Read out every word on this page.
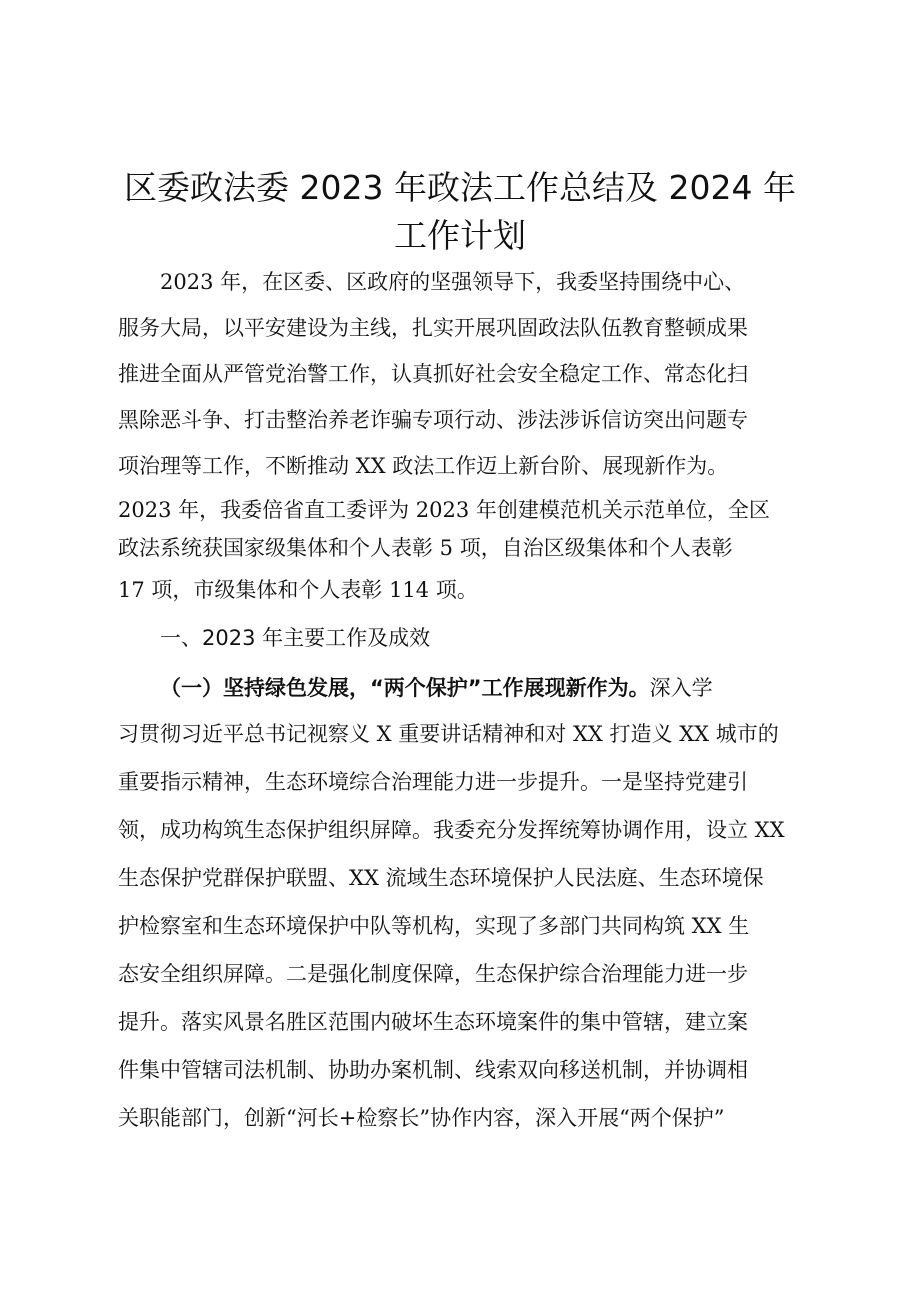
区委政法委 2023 年政法工作总结及 2024 年
工作计划
2023 年，在区委、区政府的坚强领导下，我委坚持围绕中心、
服务大局，以平安建设为主线，扎实开展巩固政法队伍教育整顿成果
推进全面从严管党治警工作，认真抓好社会安全稳定工作、常态化扫
黑除恶斗争、打击整治养老诈骗专项行动、涉法涉诉信访突出问题专
项治理等工作，不断推动 XX 政法工作迈上新台阶、展现新作为。
2023 年，我委倍省直工委评为 2023 年创建模范机关示范单位，全区
政法系统获国家级集体和个人表彰 5 项，自治区级集体和个人表彰
17 项，市级集体和个人表彰 114 项。
一、2023 年主要工作及成效
（一）坚持绿色发展，“两个保护”工作展现新作为。深入学
习贯彻习近平总书记视察义 X 重要讲话精神和对 XX 打造义 XX 城市的
重要指示精神，生态环境综合治理能力进一步提升。一是坚持党建引
领，成功构筑生态保护组织屏障。我委充分发挥统筹协调作用，设立 XX
生态保护党群保护联盟、XX 流域生态环境保护人民法庭、生态环境保
护检察室和生态环境保护中队等机构，实现了多部门共同构筑 XX 生
态安全组织屏障。二是强化制度保障，生态保护综合治理能力进一步
提升。落实风景名胜区范围内破坏生态环境案件的集中管辖，建立案
件集中管辖司法机制、协助办案机制、线索双向移送机制，并协调相
关职能部门，创新“河长+检察长”协作内容，深入开展“两个保护”
